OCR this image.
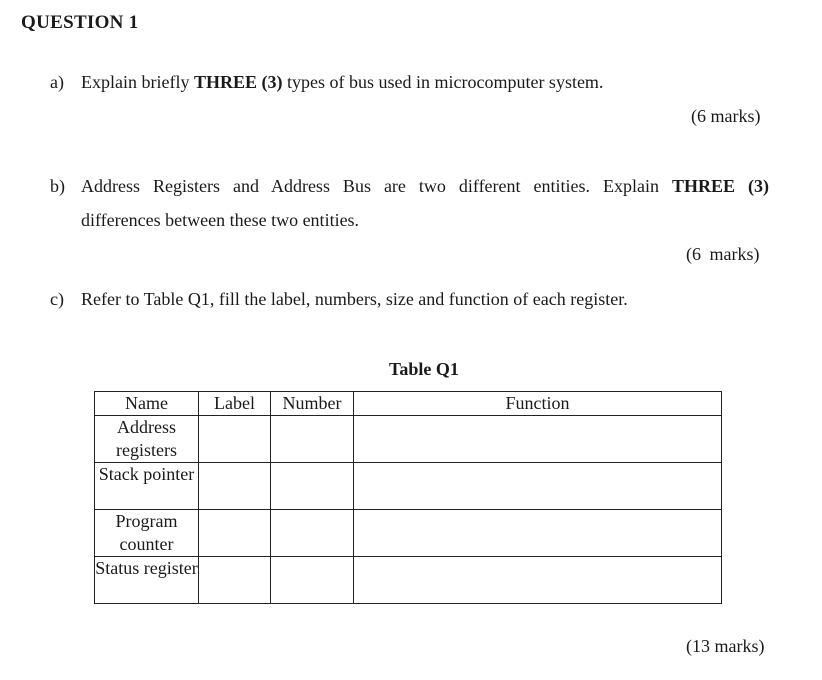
QUESTION 1
a) Explain briefly THREE (3) types of bus used in microcomputer system.
(6 marks)
b) Address Registers and Address Bus are two different entities. Explain THREE (3)
differences between these two entities.
(6 marks)
c) Refer to Table Q1, fill the label, numbers, size and function of each register.
Table Q1
Name	Label	Number	Function
Address registers			
Stack pointer			
Program counter			
Status register			
(13 marks)
